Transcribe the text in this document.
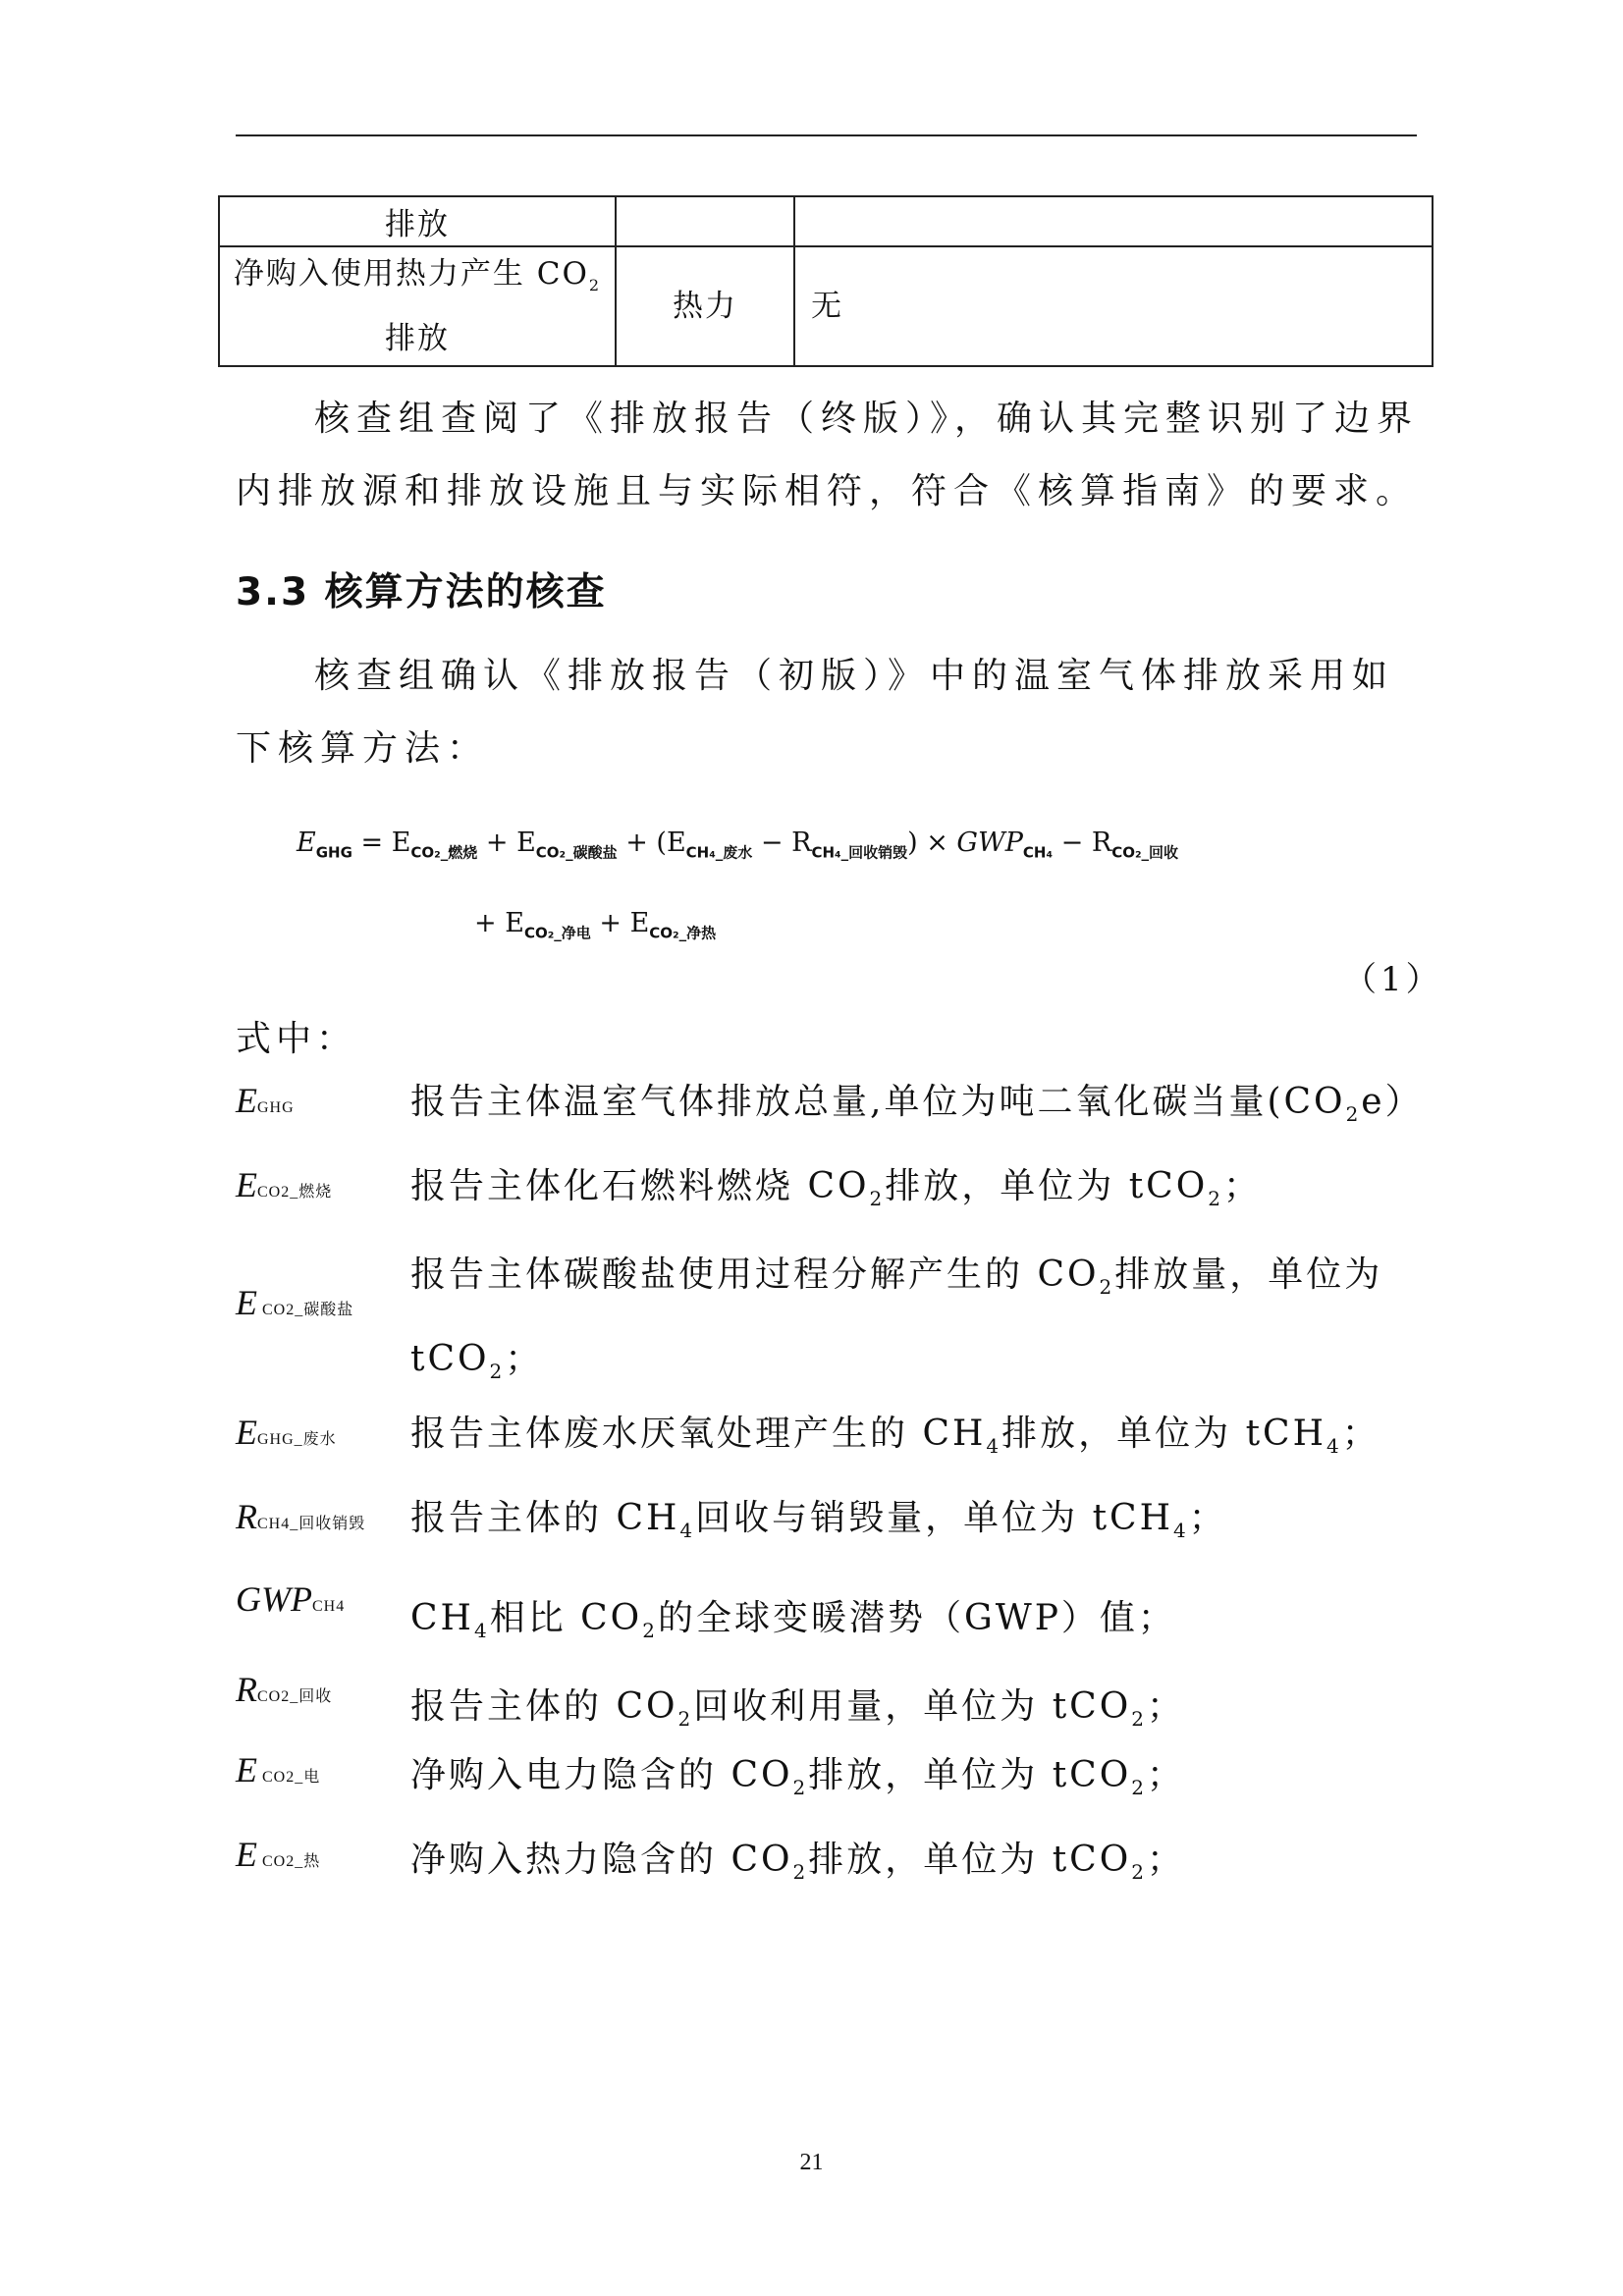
排放		
净购入使用热力产生 $CO_2$
排放	热力	无
核查组查阅了《排放报告（终版）》，确认其完整识别了边界内排放源和排放设施且与实际相符，符合《核算指南》的要求。
3.3 核算方法的核查
核查组确认《排放报告（初版）》中的温室气体排放采用如下核算方法：
$E_{GHG} = E_{CO_2\_燃烧} + E_{CO_2\_碳酸盐} + (E_{CH_4\_废水} - R_{CH_4\_回收销毁}) \times GWP_{CH_4} - R_{CO_2\_回收}$
+ $E_{CO_2\_净电} + E_{CO_2\_净热}$
（1）
式中：
EGHG	报告主体温室气体排放总量,单位为吨二氧化碳当量$(CO_2e)$
ECO2_燃烧 报告主体化石燃料燃烧 $CO_2$排放，单位为 tCO$_2$；
E CO2_碳酸盐
报告主体碳酸盐使用过程分解产生的 $CO_2$排放量，单位为
tCO$_2$；
EGHG_废水 报告主体废水厌氧处理产生的 $CH_4$排放，单位为 tCH$_4$；
RCH4_回收销毁 报告主体的 $CH_4$回收与销毁量，单位为 tCH$_4$；
GWPCH4 $CH_4$相比 $CO_2$的全球变暖潜势（GWP）值；
RCO2_回收 报告主体的 $CO_2$回收利用量，单位为 tCO$_2$；
E CO2_电	净购入电力隐含的 $CO_2$排放，单位为 tCO$_2$；
E CO2_热	净购入热力隐含的 $CO_2$排放，单位为 tCO$_2$；
21
